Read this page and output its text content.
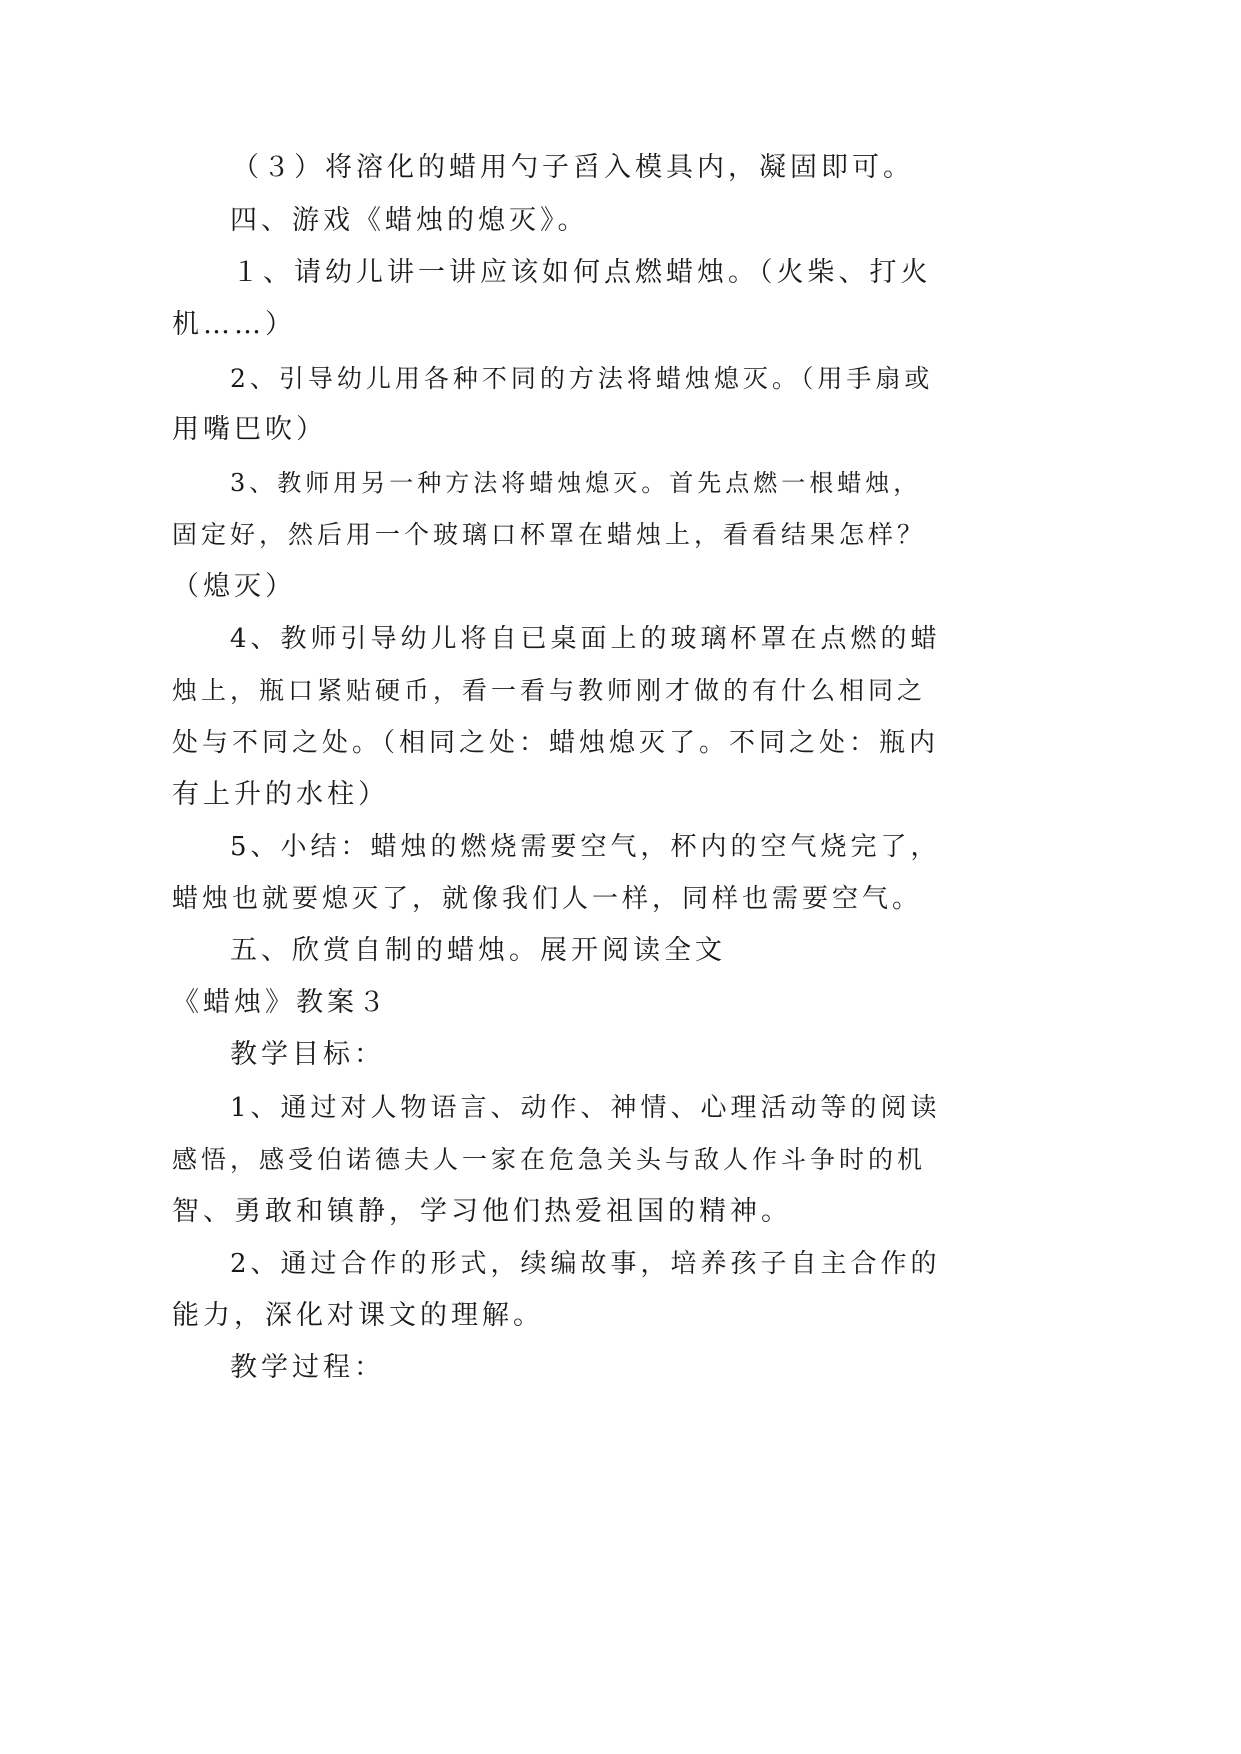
（３）将溶化的蜡用勺子舀入模具内，凝固即可。

四、游戏《蜡烛的熄灭》。

１、请幼儿讲一讲应该如何点燃蜡烛。（火柴、打火

机……）

2、引导幼儿用各种不同的方法将蜡烛熄灭。（用手扇或

用嘴巴吹）

3、教师用另一种方法将蜡烛熄灭。首先点燃一根蜡烛，

固定好，然后用一个玻璃口杯罩在蜡烛上，看看结果怎样？

（熄灭）

4、教师引导幼儿将自已桌面上的玻璃杯罩在点燃的蜡

烛上，瓶口紧贴硬币，看一看与教师刚才做的有什么相同之

处与不同之处。（相同之处：蜡烛熄灭了。不同之处：瓶内

有上升的水柱）

5、小结：蜡烛的燃烧需要空气，杯内的空气烧完了，

蜡烛也就要熄灭了，就像我们人一样，同样也需要空气。

五、欣赏自制的蜡烛。展开阅读全文

《蜡烛》教案３

教学目标：

1、通过对人物语言、动作、神情、心理活动等的阅读

感悟，感受伯诺德夫人一家在危急关头与敌人作斗争时的机

智、勇敢和镇静，学习他们热爱祖国的精神。

2、通过合作的形式，续编故事，培养孩子自主合作的

能力，深化对课文的理解。

教学过程：
